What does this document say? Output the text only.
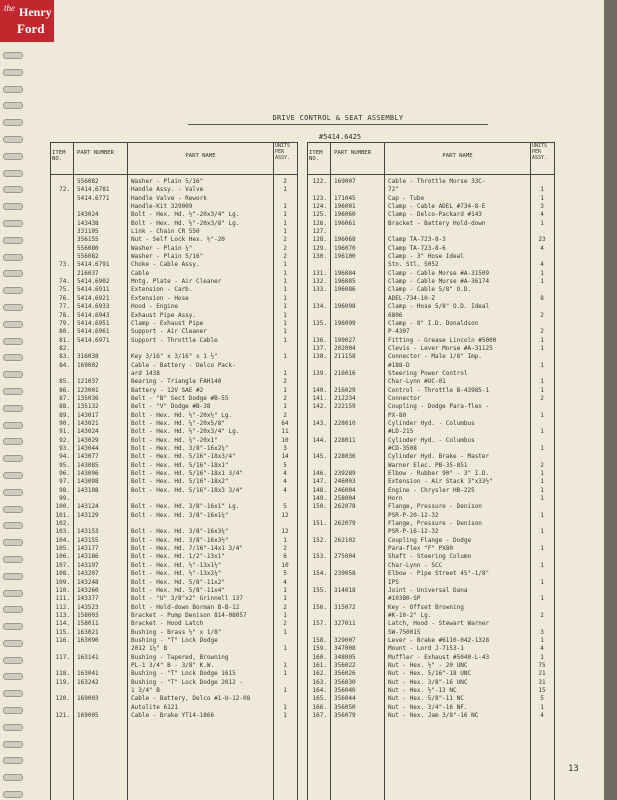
the Henry
Ford
DRIVE CONTROL & SEAT ASSEMBLY
#5414.6425
ITEM NO.
PART NUMBER	PART NAME
UNITS PER ASSY.
556082	Washer - Plain 5/16"	2
72. 5414.6781	Handle Assy. - Valve	1
5414.6771	Handle Valve - Rework
Handle-Kit 329009	1
143024	Bolt - Hex. Hd. ½"-20x3/4" Lg.	1
143438	Bolt - Hex. Hd. ½"-20x3/8" Lg.	1
331105	Link - Chain CR 550	1
356155	Nut - Self Lock Hex. ½"-20	2
556080	Washer - Plain ¼"	2
556082	Washer - Plain 5/16"	2
73. 5414.6791	Choke - Cable Assy.	1
216037	Cable	1
74. 5414.6902	Mntg. Plate - Air Cleaner	1
75. 5414.6911	Extension - Carb.	1
76. 5414.6921	Extension - Hose	1
77. 5414.6933	Hood - Engine	1
78. 5414.6943	Exhaust Pipe Assy.	1
79. 5414.6951	Clamp - Exhaust Pipe	1
80. 5414.6961	Support - Air Cleaner	1
81. 5414.6971	Support - Throttle Cable	1
82.
83. 316038	Key 3/16" x 3/16" x 1 ½"	1
84. 169002	Cable - Battery - Delco Pack-
ard 1438	1
85. 121037	Bearing - Triangle FAH140	2
86. 123001	Battery - 12V SAE #2	1
87. 135036	Belt - "B" Sect Dodge #B-55	2
88. 135132	Belt - "V" Dodge #B-38	1
89. 143017	Bolt - Hex. Hd. ½"-20x½" Lg.	2
90. 143021	Bolt - Hex. Hd. ¼"-20x5/8"	64
91. 143024	Bolt - Hex. Hd. ½"-20x3/4" Lg.	11
92. 143029	Bolt - Hex. Hd. ¼"-20x1"	10
93. 143044	Bolt - Hex. Hd. 3/8"-16x2¼"	3
94. 143077	Bolt - Hex. Hd. 5/16"-18x3/4"	14
95. 143085	Bolt - Hex. Hd. 5/16"-18x1"	5
96. 143096	Bolt - Hex. Hd. 5/16"-18x1 3/4"	4
97. 143098	Bolt - Hex. Hd. 5/16"-18x2"	4
98. 143108	Bolt - Hex. Hd. 5/16"-18x3 3/4"	4
99.
100. 143124	Bolt - Hex. Hd. 3/8"-16x1" Lg.	5
101. 143129	Bolt - Hex. Hd. 3/8"-16x1¼"	12
102.
103. 143153	Bolt - Hex. Hd. 3/8"-16x3¼"	12
104. 143155	Bolt - Hex. Hd. 3/8"-16x3½"	1
105. 143177	Bolt - Hex. Hd. 7/16"-14x1 3/4"	2
106. 143186	Bolt - Hex. Hd. 1/2"-13x1"	6
107. 143197	Bolt - Hex. Hd. ½"-13x1½"	10
108. 143207	Bolt - Hex. Hd. ½"-13x2¼"	5
109. 143248	Bolt - Hex. Hd. 5/8"-11x2"	4
110. 143260	Bolt - Hex. Hd. 5/8"-11x4"	1
111. 143377	Bolt - "U" 3/8"x2" Grinnell 137	1
112. 143523	Bolt - Hold-down Borman B-B-12	2
113. 158003	Bracket - Pump Denison 814-08057	1
114. 158011	Bracket - Hood Latch	2
115. 163021	Bushing - Brass ½" x 1/8"	1
116. 163090	Bushing - "T" Lock Dodge
2012 1¼" B	1
117. 163141	Bushing - Tapered, Browning
PL-1 3/4" B - 3/8" K.W.	1
118. 163041	Bushing - "T" Lock Dodge 1615	1
119. 163242	Bushing - "T" Lock Dodge 2012 -
1 3/4" B	1
120. 169003	Cable - Battery, Delco #1-U-12-08
Autolite 6121	1
121. 169005	Cable - Brake YT14-1866	1
ITEM NO.
PART NUMBER	PART NAME
UNITS PER ASSY.
122. 169007	Cable - Throttle Morse 33C-
72"	1
123. 171045	Cap - Tube	1
124. 196001	Clamp - Cable ADEL #734-8-E	3
125. 196060	Clamp - Delco-Packard #143	4
126. 196061	Bracket - Battery Hold-down	1
127.
128. 196068	Clamp TA-723-8-3	23
129. 196070	Clamp TA-723-8-6	4
130. 196100	Clamp - 3" Hose Ideal
Stn. Stl. 5052	4
131. 196084	Clamp - Cable Morse #A-31509	1
132. 196085	Clamp - Cable Morse #A-36174	1
133. 196086	Clamp - Cable 5/8" O.D.
ADEL-734-10-Z	8
134. 196098	Clamp - Hose 5/8" O.D. Ideal
6806	2
135. 196099	Clamp - 8" I.D. Donaldson
P-4307	2
136. 199027	Fitting - Grease Lincoln #5000	1
137. 202004	Clevis - Lever Morse #A-31125	1
138. 211158	Connector - Male 1/8" Imp.
#188-D	1
139. 216016	Steering Power Control
Char-Lynn #UC-01	1
140. 216029	Control - Throttle B-43985-1	1
141. 212234	Connector	2
142. 222159	Coupling - Dodge Para-flex -
PX-80	1
143. 228010	Cylinder Hyd. - Columbus
#LD-215	1
144. 228011	Cylinder Hyd. - Columbus
#CD-3508	1
145. 228036	Cylinder Hyd. Brake - Master
Warner Elec. PB-35-851	2
146. 239289	Elbow - Rubber 90° - 3" I.D.	1
147. 246003	Extension - Air Stack 3"x33½"	1
148. 246004	Engine - Chrysler HB-225	1
149. 258004	Horn	1
150. 262078	Flange, Pressure - Denison
PSR-P-20-12-32	1
151. 262079	Flange, Pressure - Denison
PSR-P-16-12-32	1
152. 262102	Coupling Flange - Dodge
Para-flex "F" PX80	1
153. 275004	Shaft - Steering Column
Char-Lynn - SCC	1
154. 239058	Elbow - Pipe Street 45°-1/8"
IPS	1
155. 314018	Joint - Universal Dana
#10380-SP	1
156. 315072	Key - Offset Browning
#K-10-2" Lg.	2
157. 327011	Latch, Hood - Stewart Warner
SW-750015	3
158. 329007	Lever - Brake #6110-042-1328	1
159. 347008	Mount - Lord J-7153-1	4
160. 348005	Muffler - Exhaust #5040-L-43	1
161. 356022	Nut - Hex. ½" - 20 UNC	75
162. 356026	Nut - Hex. 5/16"-18 UNC	21
163. 356030	Nut - Hex. 3/8"-16 UNC	31
164. 356040	Nut - Hex. ½"-13 NC	15
165. 356044	Nut - Hex. 5/8"-11 NC	5
166. 356050	Nut - Hex. 3/4"-16 NF.	1
167. 356079	Nut - Hex. Jam 3/8"-16 NC	4
13
